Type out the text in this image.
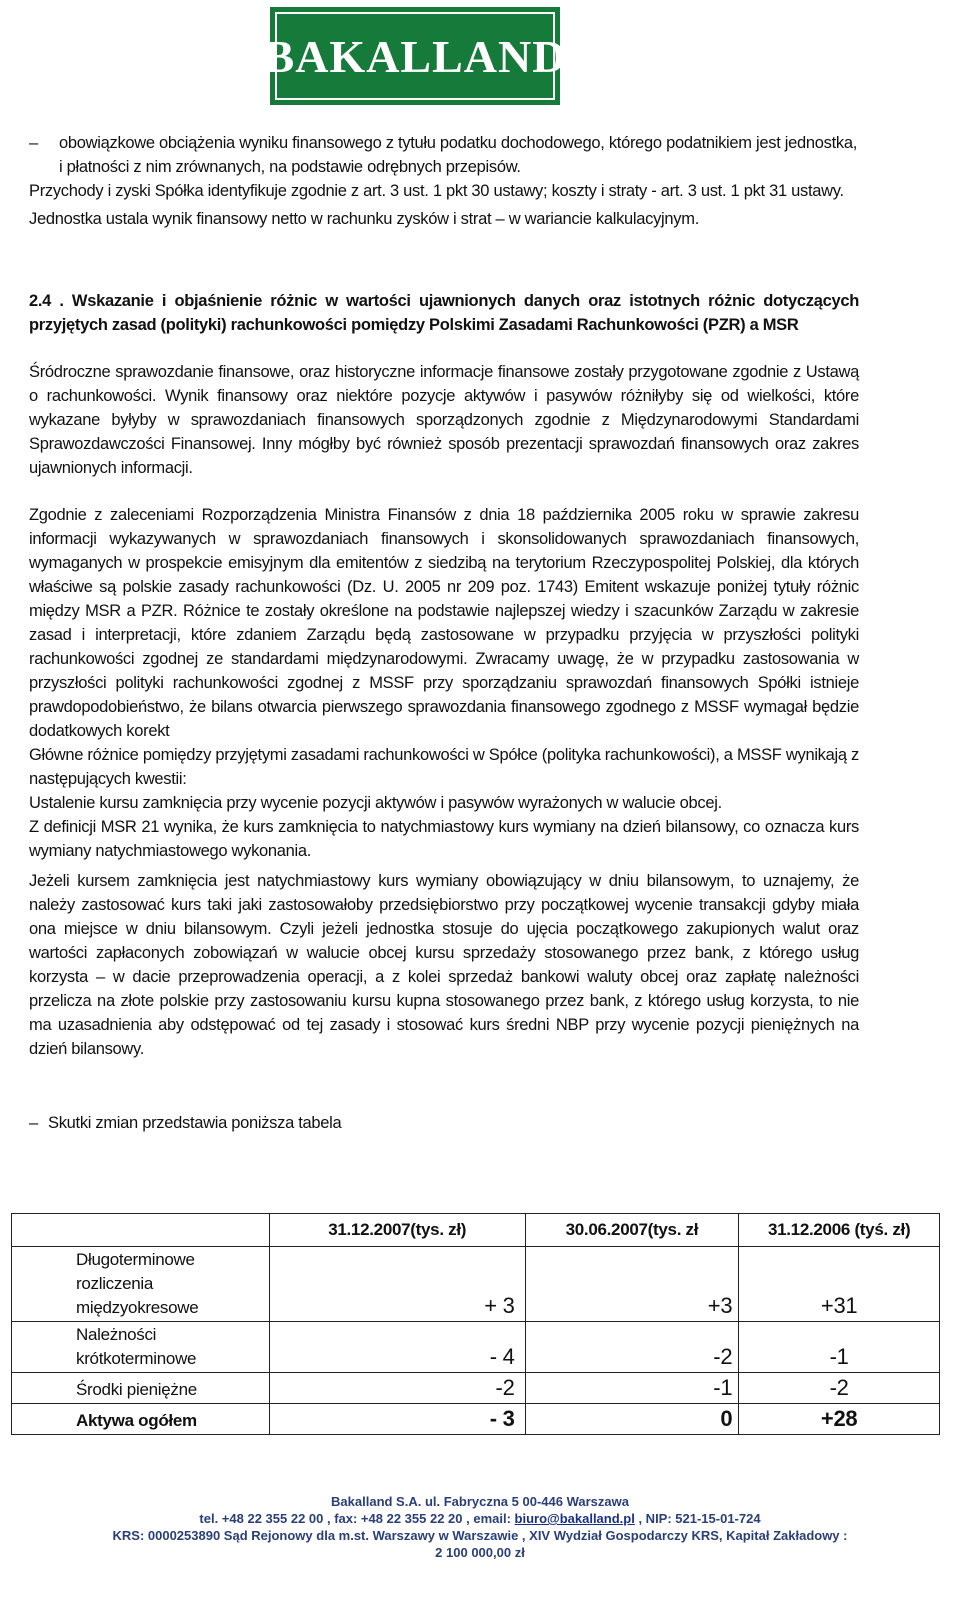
BAKALLAND

– obowiązkowe obciążenia wyniku finansowego z tytułu podatku dochodowego, którego podatnikiem jest jednostka, i płatności z nim zrównanych, na podstawie odrębnych przepisów.

Przychody i zyski Spółka identyfikuje zgodnie z art. 3 ust. 1 pkt 30 ustawy; koszty i straty - art. 3 ust. 1 pkt 31 ustawy.

Jednostka ustala wynik finansowy netto w rachunku zysków i strat – w wariancie kalkulacyjnym.

2.4 . Wskazanie i objaśnienie różnic w wartości ujawnionych danych oraz istotnych różnic dotyczących przyjętych zasad (polityki) rachunkowości pomiędzy Polskimi Zasadami Rachunkowości (PZR) a MSR

Śródroczne sprawozdanie finansowe, oraz historyczne informacje finansowe zostały przygotowane zgodnie z Ustawą o rachunkowości. Wynik finansowy oraz niektóre pozycje aktywów i pasywów różniłyby się od wielkości, które wykazane byłyby w sprawozdaniach finansowych sporządzonych zgodnie z Międzynarodowymi Standardami Sprawozdawczości Finansowej. Inny mógłby być również sposób prezentacji sprawozdań finansowych oraz zakres ujawnionych informacji.

Zgodnie z zaleceniami Rozporządzenia Ministra Finansów z dnia 18 października 2005 roku w sprawie zakresu informacji wykazywanych w sprawozdaniach finansowych i skonsolidowanych sprawozdaniach finansowych, wymaganych w prospekcie emisyjnym dla emitentów z siedzibą na terytorium Rzeczypospolitej Polskiej, dla których właściwe są polskie zasady rachunkowości (Dz. U. 2005 nr 209 poz. 1743) Emitent wskazuje poniżej tytuły różnic między MSR a PZR. Różnice te zostały określone na podstawie najlepszej wiedzy i szacunków Zarządu w zakresie zasad i interpretacji, które zdaniem Zarządu będą zastosowane w przypadku przyjęcia w przyszłości polityki rachunkowości zgodnej ze standardami międzynarodowymi. Zwracamy uwagę, że w przypadku zastosowania w przyszłości polityki rachunkowości zgodnej z MSSF przy sporządzaniu sprawozdań finansowych Spółki istnieje prawdopodobieństwo, że bilans otwarcia pierwszego sprawozdania finansowego zgodnego z MSSF wymagał będzie dodatkowych korekt

Główne różnice pomiędzy przyjętymi zasadami rachunkowości w Spółce (polityka rachunkowości), a MSSF wynikają z następujących kwestii:

Ustalenie kursu zamknięcia przy wycenie pozycji aktywów i pasywów wyrażonych w walucie obcej.

Z definicji MSR 21 wynika, że kurs zamknięcia to natychmiastowy kurs wymiany na dzień bilansowy, co oznacza kurs wymiany natychmiastowego wykonania.

Jeżeli kursem zamknięcia jest natychmiastowy kurs wymiany obowiązujący w dniu bilansowym, to uznajemy, że należy zastosować kurs taki jaki zastosowałoby przedsiębiorstwo przy początkowej wycenie transakcji gdyby miała ona miejsce w dniu bilansowym. Czyli jeżeli jednostka stosuje do ujęcia początkowego zakupionych walut oraz wartości zapłaconych zobowiązań w walucie obcej kursu sprzedaży stosowanego przez bank, z którego usług korzysta – w dacie przeprowadzenia operacji, a z kolei sprzedaż bankowi waluty obcej oraz zapłatę należności przelicza na złote polskie przy zastosowaniu kursu kupna stosowanego przez bank, z którego usług korzysta, to nie ma uzasadnienia aby odstępować od tej zasady i stosować kurs średni NBP przy wycenie pozycji pieniężnych na dzień bilansowy.

– Skutki zmian przedstawia poniższa tabela

	31.12.2007(tys. zł)	30.06.2007(tys. zł	31.12.2006 (tyś. zł)

Długoterminowe rozliczenia międzyokresowe	+ 3	+3	+31

Należności krótkoterminowe	- 4	-2	-1
Środki pieniężne	-2	-1	-2
Aktywa ogółem	- 3	0	+28
Bakalland S.A. ul. Fabryczna 5 00-446 Warszawa
tel. +48 22 355 22 00 , fax: +48 22 355 22 20 , email: biuro@bakalland.pl , NIP: 521-15-01-724
KRS: 0000253890 Sąd Rejonowy dla m.st. Warszawy w Warszawie , XIV Wydział Gospodarczy KRS, Kapitał Zakładowy :
2 100 000,00 zł
